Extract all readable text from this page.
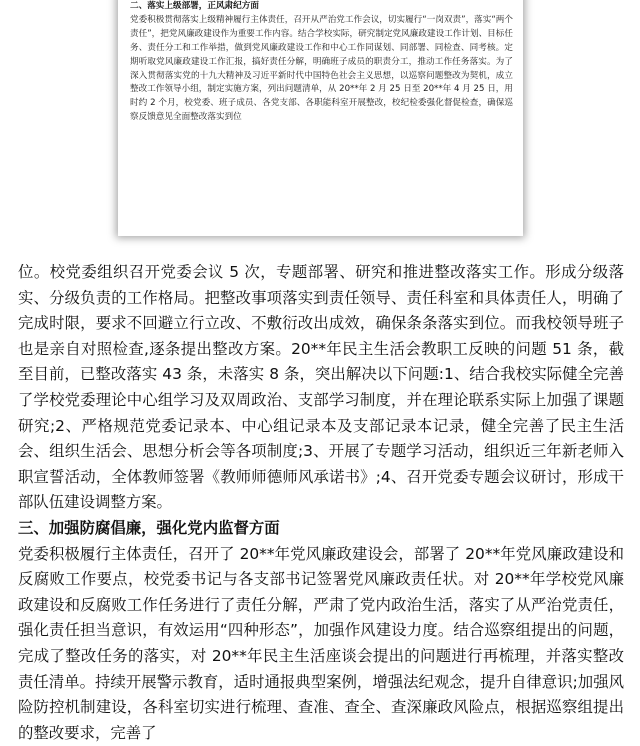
二、落实上级部署，正风肃纪方面

党委积极贯彻落实上级精神履行主体责任，召开从严治党工作会议，切实履行“一岗双责”，落实“两个责任”，把党风廉政建设作为重要工作内容。结合学校实际，研究制定党风廉政建设工作计划、目标任务、责任分工和工作举措，做到党风廉政建设工作和中心工作同谋划、同部署、同检查、同考核。定期听取党风廉政建设工作汇报，搞好责任分解，明确班子成员的职责分工，推动工作任务落实。为了深入贯彻落实党的十九大精神及习近平新时代中国特色社会主义思想，以巡察问题整改为契机，成立整改工作领导小组，制定实施方案，列出问题清单，从 20**年 2 月 25 日至 20**年 4 月 25 日，用时约 2 个月，校党委、班子成员、各党支部、各职能科室开展整改，校纪检委强化督促检查，确保巡察反馈意见全面整改落实到位

位。校党委组织召开党委会议 5 次，专题部署、研究和推进整改落实工作。形成分级落实、分级负责的工作格局。把整改事项落实到责任领导、责任科室和具体责任人，明确了完成时限，要求不回避立行立改、不敷衍改出成效，确保条条落实到位。而我校领导班子也是亲自对照检查,逐条提出整改方案。20**年民主生活会教职工反映的问题 51 条，截至目前，已整改落实 43 条，未落实 8 条，突出解决以下问题:1、结合我校实际健全完善了学校党委理论中心组学习及双周政治、支部学习制度，并在理论联系实际上加强了课题研究;2、严格规范党委记录本、中心组记录本及支部记录本记录，健全完善了民主生活会、组织生活会、思想分析会等各项制度;3、开展了专题学习活动，组织近三年新老师入职宣誓活动，全体教师签署《教师师德师风承诺书》;4、召开党委专题会议研讨，形成干部队伍建设调整方案。

三、加强防腐倡廉，强化党内监督方面

党委积极履行主体责任，召开了 20**年党风廉政建设会，部署了 20**年党风廉政建设和反腐败工作要点，校党委书记与各支部书记签署党风廉政责任状。对 20**年学校党风廉政建设和反腐败工作任务进行了责任分解，严肃了党内政治生活，落实了从严治党责任，强化责任担当意识，有效运用“四种形态”，加强作风建设力度。结合巡察组提出的问题，完成了整改任务的落实，对 20**年民主生活座谈会提出的问题进行再梳理，并落实整改责任清单。持续开展警示教育，适时通报典型案例，增强法纪观念，提升自律意识;加强风险防控机制建设，各科室切实进行梳理、查准、查全、查深廉政风险点，根据巡察组提出的整改要求，完善了
